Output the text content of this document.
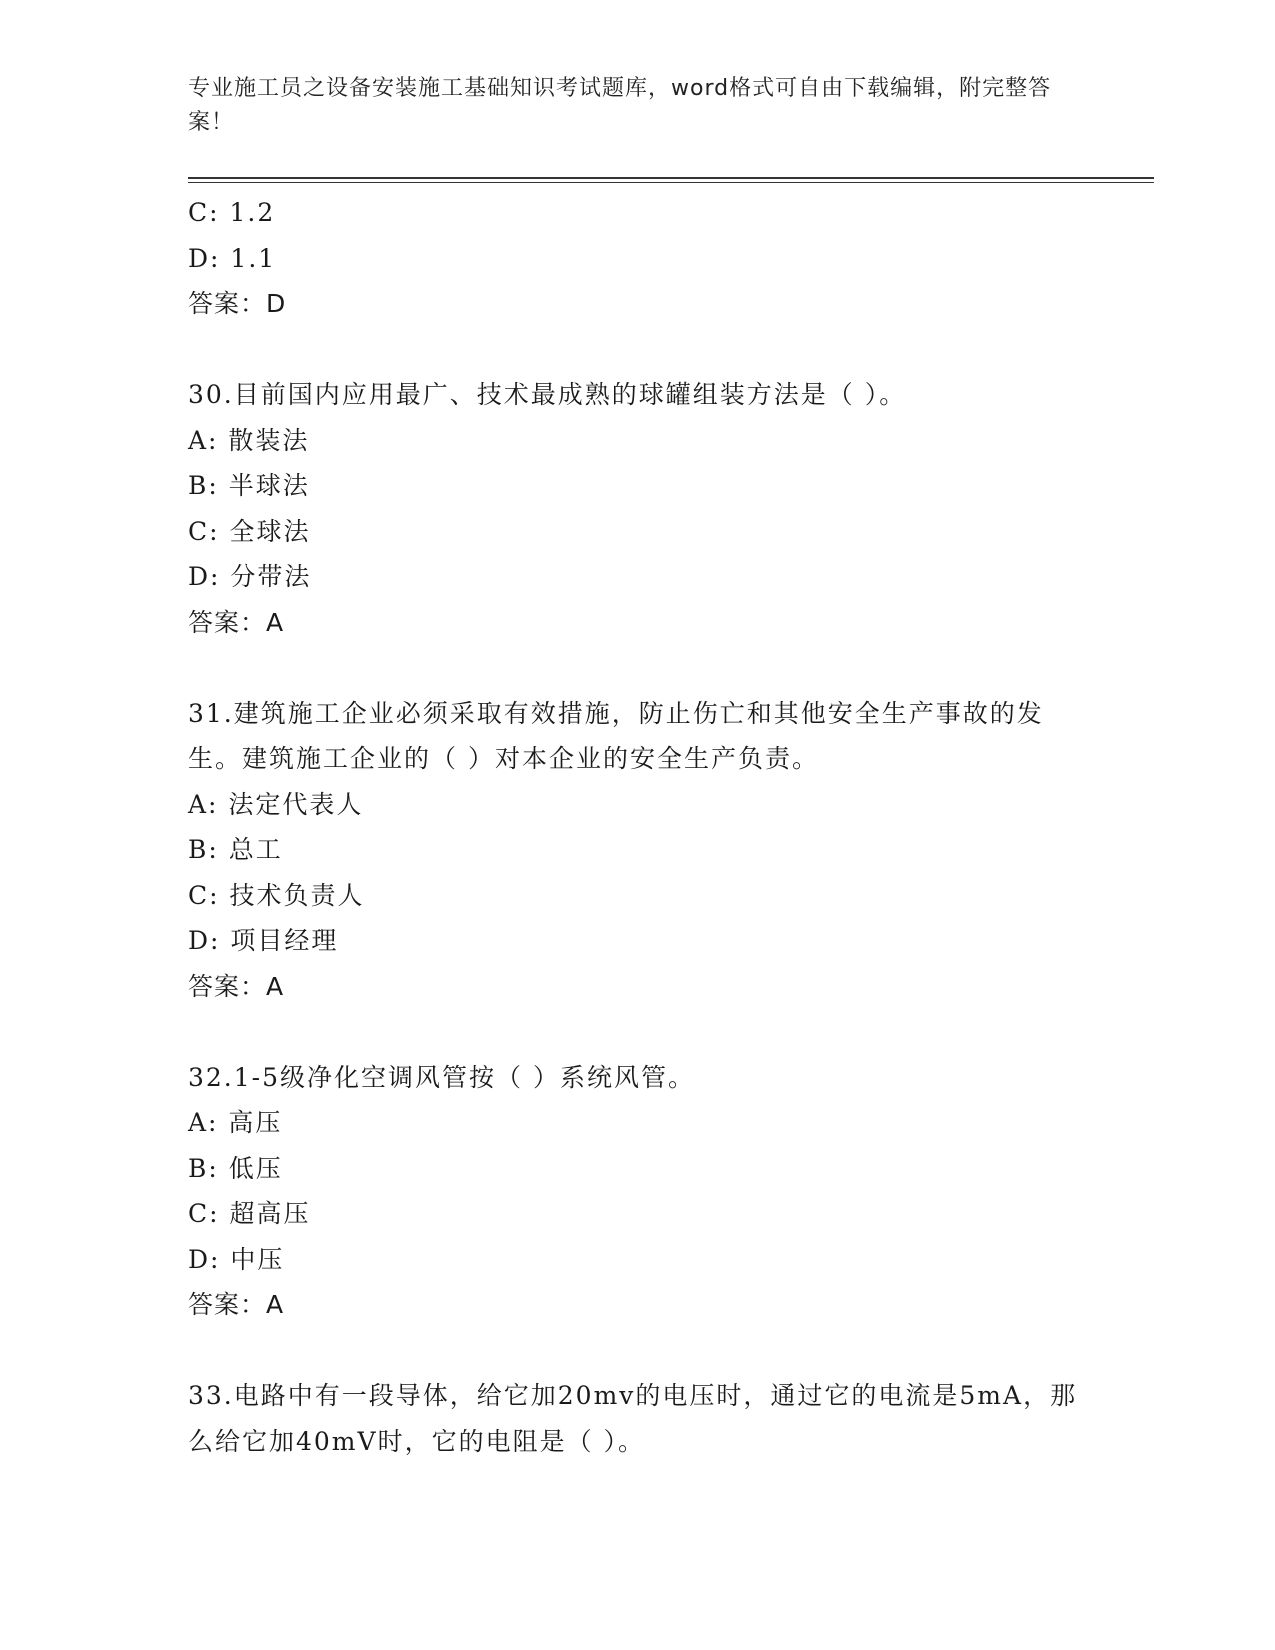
专业施工员之设备安装施工基础知识考试题库，word格式可自由下载编辑，附完整答案！
C: 1.2
D: 1.1
答案：D
30.目前国内应用最广、技术最成熟的球罐组装方法是（ ）。
A: 散装法
B: 半球法
C: 全球法
D: 分带法
答案：A
31.建筑施工企业必须采取有效措施，防止伤亡和其他安全生产事故的发生。建筑施工企业的（ ）对本企业的安全生产负责。
A: 法定代表人
B: 总工
C: 技术负责人
D: 项目经理
答案：A
32.1-5级净化空调风管按（ ）系统风管。
A: 高压
B: 低压
C: 超高压
D: 中压
答案：A
33.电路中有一段导体，给它加20mv的电压时，通过它的电流是5mA，那么给它加40mV时，它的电阻是（ ）。
